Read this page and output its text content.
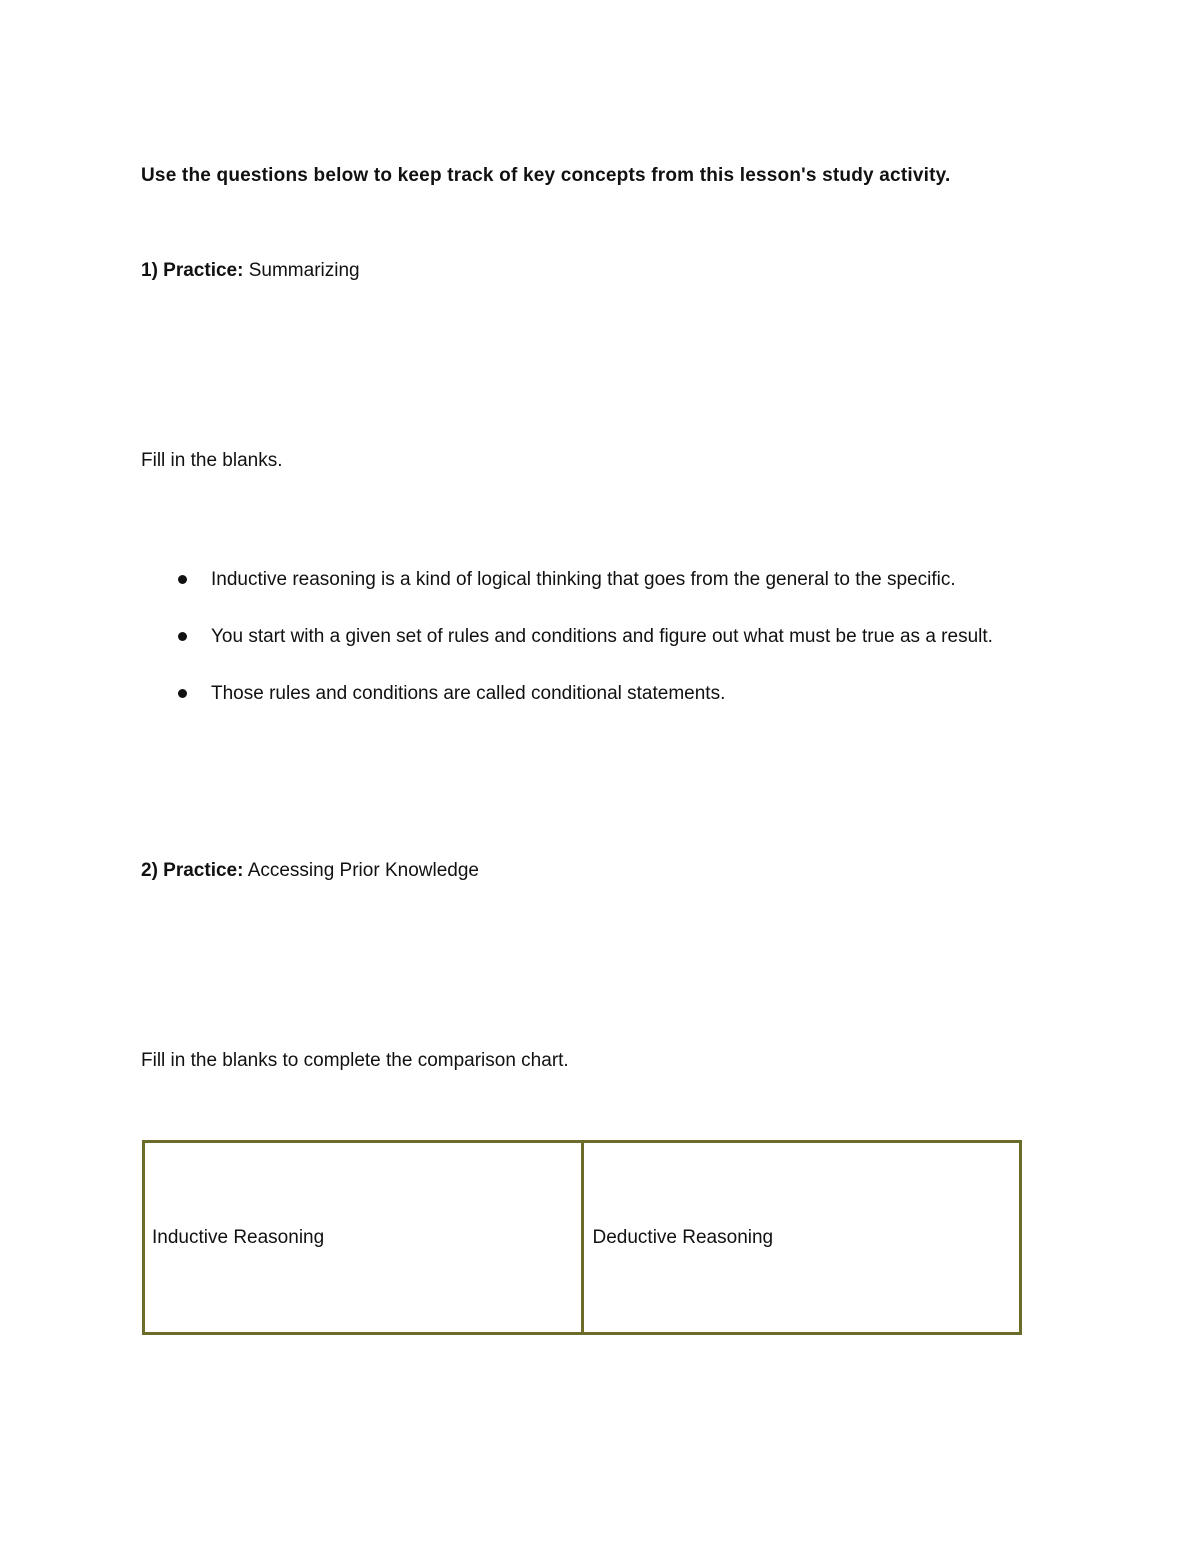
Use the questions below to keep track of key concepts from this lesson's study activity.
1) Practice: Summarizing
Fill in the blanks.
Inductive reasoning is a kind of logical thinking that goes from the general to the specific.
You start with a given set of rules and conditions and figure out what must be true as a result.
Those rules and conditions are called conditional statements.
2) Practice: Accessing Prior Knowledge
Fill in the blanks to complete the comparison chart.
Inductive Reasoning	Deductive Reasoning
